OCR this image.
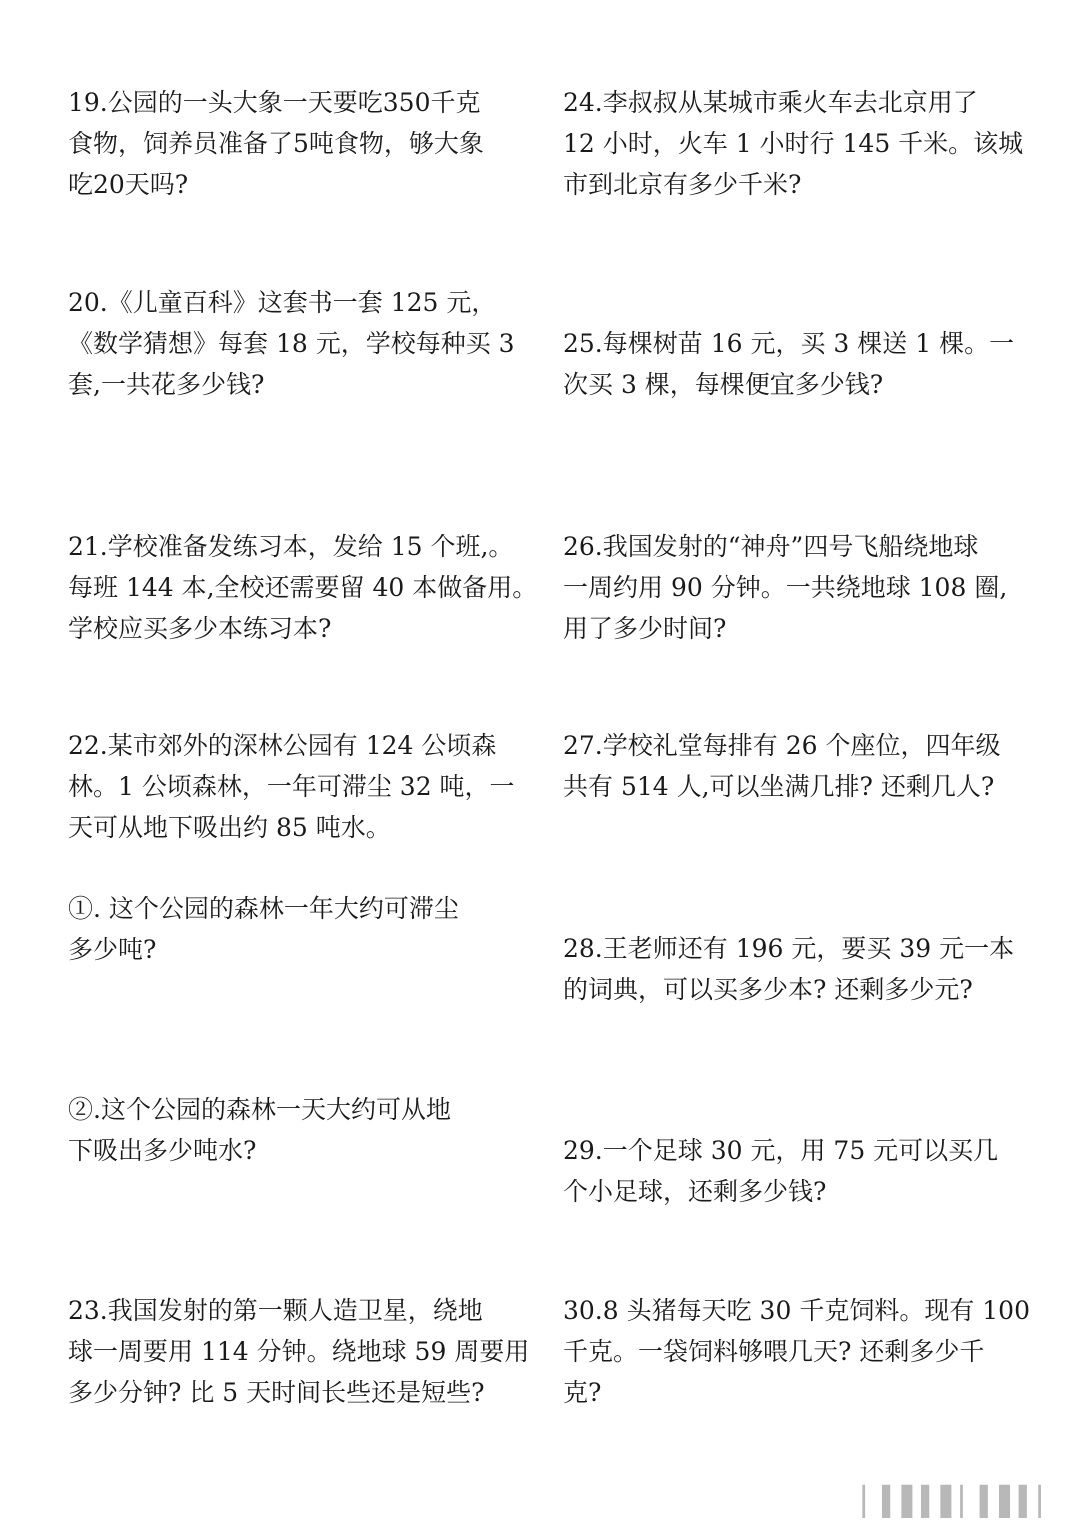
19.公园的一头大象一天要吃350千克
食物，饲养员准备了5吨食物，够大象
吃20天吗?
20.《儿童百科》这套书一套 125 元，
《数学猜想》每套 18 元，学校每种买 3
套,一共花多少钱?
21.学校准备发练习本，发给 15 个班,。
每班 144 本,全校还需要留 40 本做备用。
学校应买多少本练习本?
22.某市郊外的深林公园有 124 公顷森
林。1 公顷森林，一年可滞尘 32 吨，一
天可从地下吸出约 85 吨水。
①. 这个公园的森林一年大约可滞尘
多少吨?
②.这个公园的森林一天大约可从地
下吸出多少吨水?
23.我国发射的第一颗人造卫星，绕地
球一周要用 114 分钟。绕地球 59 周要用
多少分钟? 比 5 天时间长些还是短些?
24.李叔叔从某城市乘火车去北京用了
12 小时，火车 1 小时行 145 千米。该城
市到北京有多少千米?
25.每棵树苗 16 元，买 3 棵送 1 棵。一
次买 3 棵，每棵便宜多少钱?
26.我国发射的“神舟”四号飞船绕地球
一周约用 90 分钟。一共绕地球 108 圈,
用了多少时间?
27.学校礼堂每排有 26 个座位，四年级
共有 514 人,可以坐满几排? 还剩几人?
28.王老师还有 196 元，要买 39 元一本
的词典，可以买多少本? 还剩多少元?
29.一个足球 30 元，用 75 元可以买几
个小足球，还剩多少钱?
30.8 头猪每天吃 30 千克饲料。现有 100
千克。一袋饲料够喂几天? 还剩多少千
克?
▏▍▌▍▌▏▍▌▍▏
